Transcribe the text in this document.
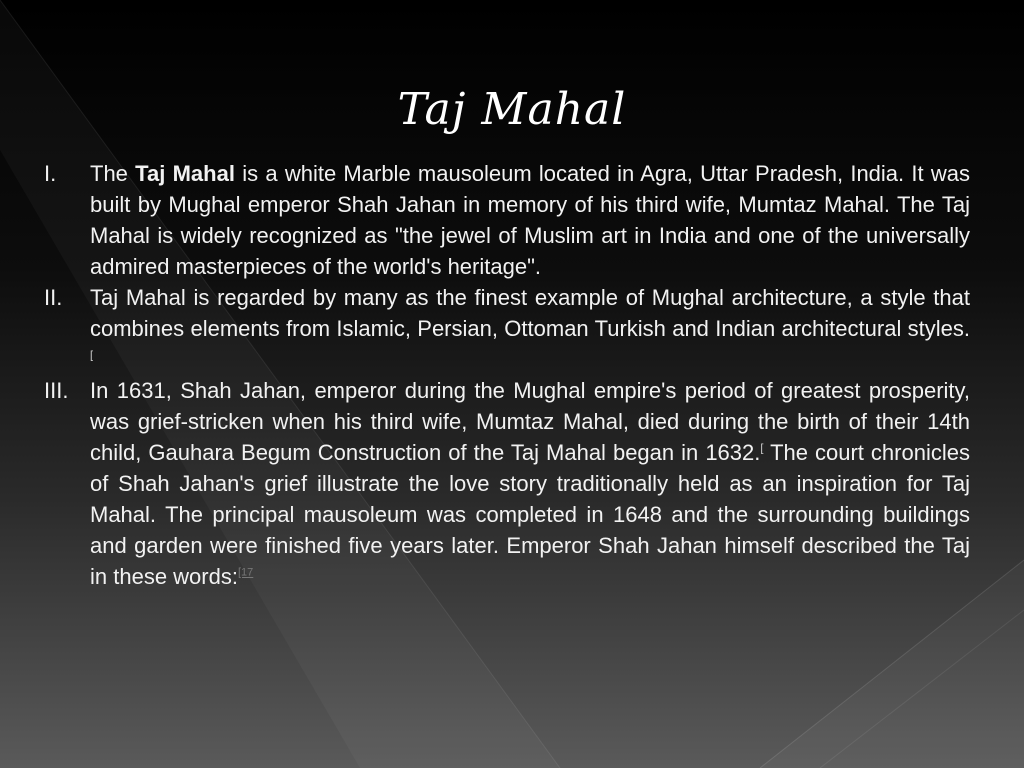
Taj Mahal
I. The Taj Mahal is a white Marble mausoleum located in Agra, Uttar Pradesh, India. It was built by Mughal emperor Shah Jahan in memory of his third wife, Mumtaz Mahal. The Taj Mahal is widely recognized as "the jewel of Muslim art in India and one of the universally admired masterpieces of the world's heritage".

II. Taj Mahal is regarded by many as the finest example of Mughal architecture, a style that combines elements from Islamic, Persian, Ottoman Turkish and Indian architectural styles.[

III. In 1631, Shah Jahan, emperor during the Mughal empire's period of greatest prosperity, was grief-stricken when his third wife, Mumtaz Mahal, died during the birth of their 14th child, Gauhara Begum Construction of the Taj Mahal began in 1632.[ The court chronicles of Shah Jahan's grief illustrate the love story traditionally held as an inspiration for Taj Mahal. The principal mausoleum was completed in 1648 and the surrounding buildings and garden were finished five years later. Emperor Shah Jahan himself described the Taj in these words:$^{[17}$
